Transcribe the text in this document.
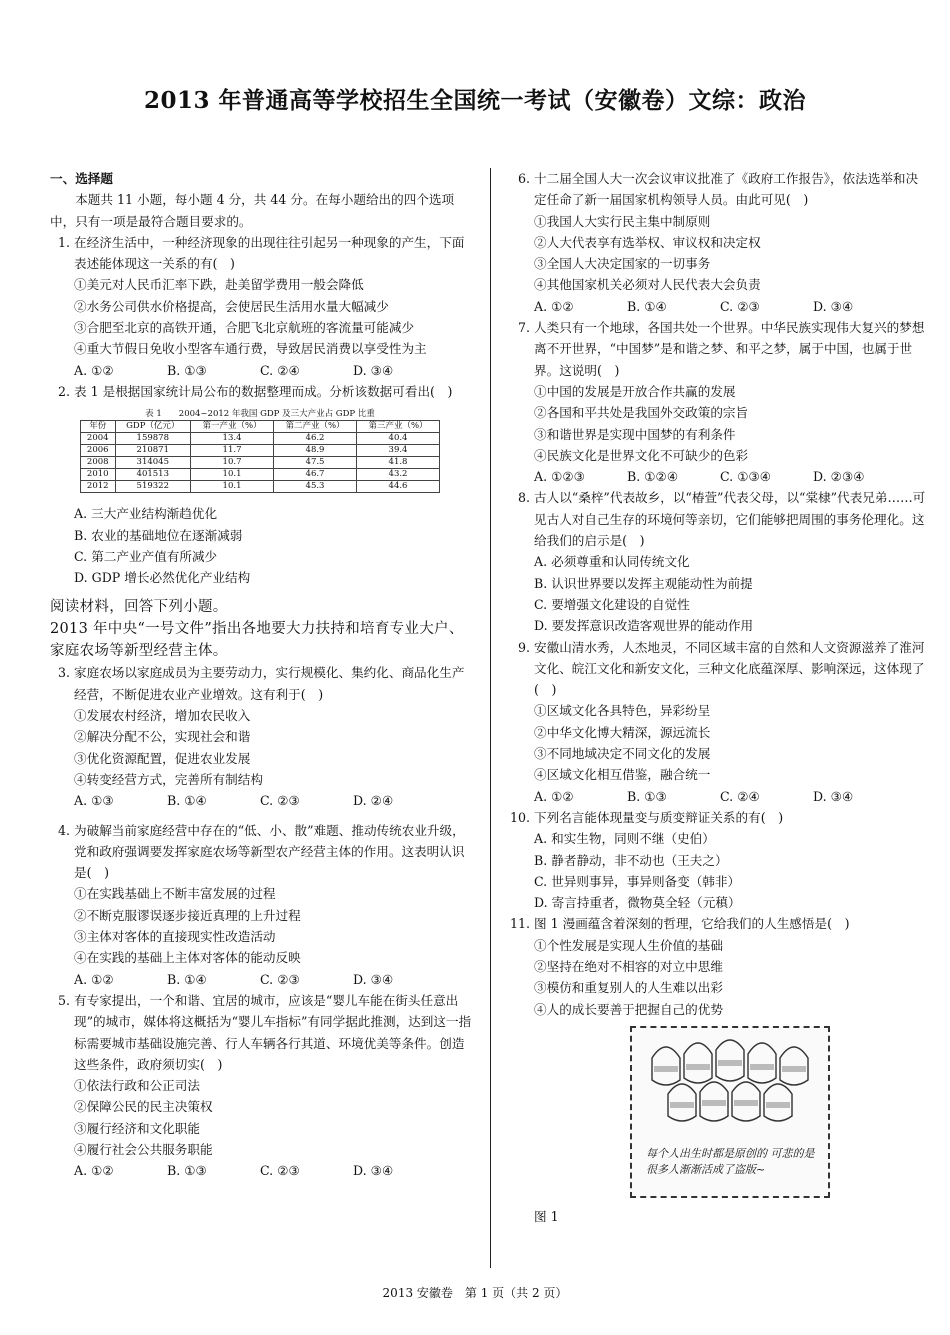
2013 年普通高等学校招生全国统一考试（安徽卷）文综：政治
一、选择题
本题共 11 小题，每小题 4 分，共 44 分。在每小题给出的四个选项中，只有一项是最符合题目要求的。
1. 在经济生活中，一种经济现象的出现往往引起另一种现象的产生，下面表述能体现这一关系的有(　)
①美元对人民币汇率下跌，赴美留学费用一般会降低
②水务公司供水价格提高，会使居民生活用水量大幅减少
③合肥至北京的高铁开通，合肥飞北京航班的客流量可能减少
④重大节假日免收小型客车通行费，导致居民消费以享受性为主
A. ①②	B. ①③	C. ②④	D. ③④
2. 表 1 是根据国家统计局公布的数据整理而成。分析该数据可看出(　)
表 1　　2004~2012 年我国 GDP 及三大产业占 GDP 比重
年份	GDP（亿元）	第一产业（%）	第二产业（%）	第三产业（%）
2004	159878	13.4	46.2	40.4
2006	210871	11.7	48.9	39.4
2008	314045	10.7	47.5	41.8
2010	401513	10.1	46.7	43.2
2012	519322	10.1	45.3	44.6
A. 三大产业结构渐趋优化
B. 农业的基础地位在逐渐减弱
C. 第二产业产值有所减少
D. GDP 增长必然优化产业结构
阅读材料，回答下列小题。
2013 年中央“一号文件”指出各地要大力扶持和培育专业大户、家庭农场等新型经营主体。
3. 家庭农场以家庭成员为主要劳动力，实行规模化、集约化、商品化生产经营，不断促进农业产业增效。这有利于(　)
①发展农村经济，增加农民收入
②解决分配不公，实现社会和谐
③优化资源配置，促进农业发展
④转变经营方式，完善所有制结构
A. ①③	B. ①④	C. ②③	D. ②④
4. 为破解当前家庭经营中存在的“低、小、散”难题、推动传统农业升级，党和政府强调要发挥家庭农场等新型农产经营主体的作用。这表明认识是(　)
①在实践基础上不断丰富发展的过程
②不断克服谬误逐步接近真理的上升过程
③主体对客体的直接现实性改造活动
④在实践的基础上主体对客体的能动反映
A. ①②	B. ①④	C. ②③	D. ③④
5. 有专家提出，一个和谐、宜居的城市，应该是“婴儿车能在街头任意出现”的城市，媒体将这概括为“婴儿车指标”有同学据此推测，达到这一指标需要城市基础设施完善、行人车辆各行其道、环境优美等条件。创造这些条件，政府须切实(　)
①依法行政和公正司法
②保障公民的民主决策权
③履行经济和文化职能
④履行社会公共服务职能
A. ①②	B. ①③	C. ②③	D. ③④
6. 十二届全国人大一次会议审议批准了《政府工作报告》，依法选举和决定任命了新一届国家机构领导人员。由此可见(　)
①我国人大实行民主集中制原则
②人大代表享有选举权、审议权和决定权
③全国人大决定国家的一切事务
④其他国家机关必须对人民代表大会负责
A. ①②	B. ①④	C. ②③	D. ③④
7. 人类只有一个地球，各国共处一个世界。中华民族实现伟大复兴的梦想离不开世界，“中国梦”是和谐之梦、和平之梦，属于中国，也属于世界。这说明(　)
①中国的发展是开放合作共赢的发展
②各国和平共处是我国外交政策的宗旨
③和谐世界是实现中国梦的有利条件
④民族文化是世界文化不可缺少的色彩
A. ①②③	B. ①②④	C. ①③④	D. ②③④
8. 古人以“桑梓”代表故乡，以“椿萱”代表父母，以“棠棣”代表兄弟……可见古人对自己生存的环境何等亲切，它们能够把周围的事务伦理化。这给我们的启示是(　)
A. 必须尊重和认同传统文化
B. 认识世界要以发挥主观能动性为前提
C. 要增强文化建设的自觉性
D. 要发挥意识改造客观世界的能动作用
9. 安徽山清水秀，人杰地灵，不同区域丰富的自然和人文资源滋养了淮河文化、皖江文化和新安文化，三种文化底蕴深厚、影响深远，这体现了(　)
①区域文化各具特色，异彩纷呈
②中华文化博大精深，源远流长
③不同地域决定不同文化的发展
④区域文化相互借鉴，融合统一
A. ①②	B. ①③	C. ②④	D. ③④
10. 下列名言能体现量变与质变辩证关系的有(　)
A. 和实生物，同则不继（史伯）
B. 静者静动，非不动也（王夫之）
C. 世异则事异，事异则备变（韩非）
D. 寄言持重者，微物莫全轻（元稹）
11. 图 1 漫画蕴含着深刻的哲理，它给我们的人生感悟是(　)
①个性发展是实现人生价值的基础
②坚持在绝对不相容的对立中思维
③模仿和重复别人的人生难以出彩
④人的成长要善于把握自己的优势
每个人出生时都是原创的 可悲的是很多人渐渐活成了盗版~
图 1
2013 安徽卷　第 1 页（共 2 页）
